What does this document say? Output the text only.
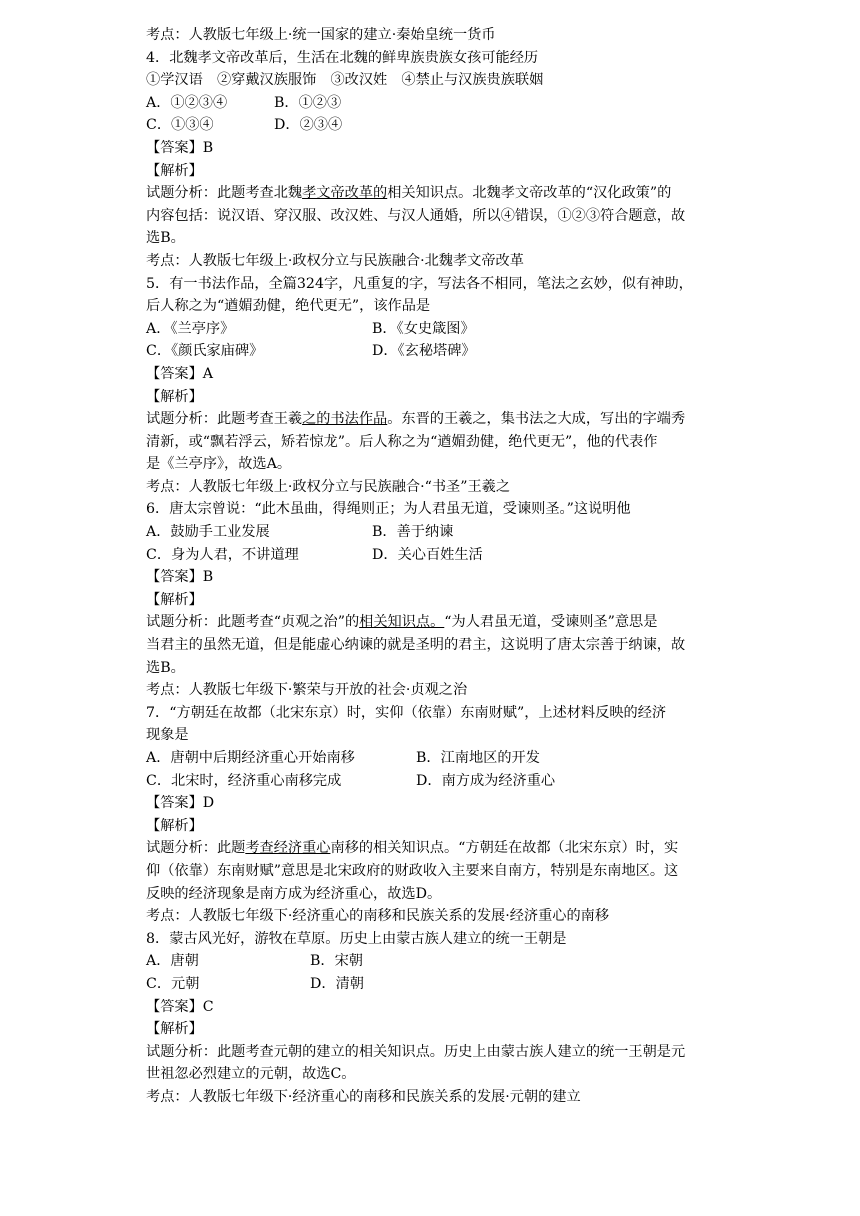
考点：人教版七年级上·统一国家的建立·秦始皇统一货币
4．北魏孝文帝改革后，生活在北魏的鲜卑族贵族女孩可能经历
①学汉语　②穿戴汉族服饰　③改汉姓　④禁止与汉族贵族联姻
A．①②③④	B．①②③
C．①③④	D．②③④
【答案】B
【解析】
试题分析：此题考查北魏孝文帝改革的相关知识点。北魏孝文帝改革的“汉化政策”的
内容包括：说汉语、穿汉服、改汉姓、与汉人通婚，所以④错误，①②③符合题意，故
选B。
考点：人教版七年级上·政权分立与民族融合·北魏孝文帝改革
5．有一书法作品，全篇324字，凡重复的字，写法各不相同，笔法之玄妙，似有神助，
后人称之为“遒媚劲健，绝代更无”，该作品是
A．《兰亭序》	B．《女史箴图》
C．《颜氏家庙碑》	D．《玄秘塔碑》
【答案】A
【解析】
试题分析：此题考查王羲之的书法作品。东晋的王羲之，集书法之大成，写出的字端秀
清新，或“飘若浮云，矫若惊龙”。后人称之为“遒媚劲健，绝代更无”，他的代表作
是《兰亭序》，故选A。
考点：人教版七年级上·政权分立与民族融合·“书圣”王羲之
6．唐太宗曾说：“此木虽曲，得绳则正；为人君虽无道，受谏则圣。”这说明他
A．鼓励手工业发展	B．善于纳谏
C．身为人君，不讲道理	D．关心百姓生活
【答案】B
【解析】
试题分析：此题考查“贞观之治”的相关知识点。“为人君虽无道，受谏则圣”意思是
当君主的虽然无道，但是能虚心纳谏的就是圣明的君主，这说明了唐太宗善于纳谏，故
选B。
考点：人教版七年级下·繁荣与开放的社会·贞观之治
7．“方朝廷在故都（北宋东京）时，实仰（依靠）东南财赋”，上述材料反映的经济
现象是
A．唐朝中后期经济重心开始南移	B．江南地区的开发
C．北宋时，经济重心南移完成	D．南方成为经济重心
【答案】D
【解析】
试题分析：此题考查经济重心南移的相关知识点。“方朝廷在故都（北宋东京）时，实
仰（依靠）东南财赋”意思是北宋政府的财政收入主要来自南方，特别是东南地区。这
反映的经济现象是南方成为经济重心，故选D。
考点：人教版七年级下·经济重心的南移和民族关系的发展·经济重心的南移
8．蒙古风光好，游牧在草原。历史上由蒙古族人建立的统一王朝是
A．唐朝	B．宋朝
C．元朝	D．清朝
【答案】C
【解析】
试题分析：此题考查元朝的建立的相关知识点。历史上由蒙古族人建立的统一王朝是元
世祖忽必烈建立的元朝，故选C。
考点：人教版七年级下·经济重心的南移和民族关系的发展·元朝的建立
